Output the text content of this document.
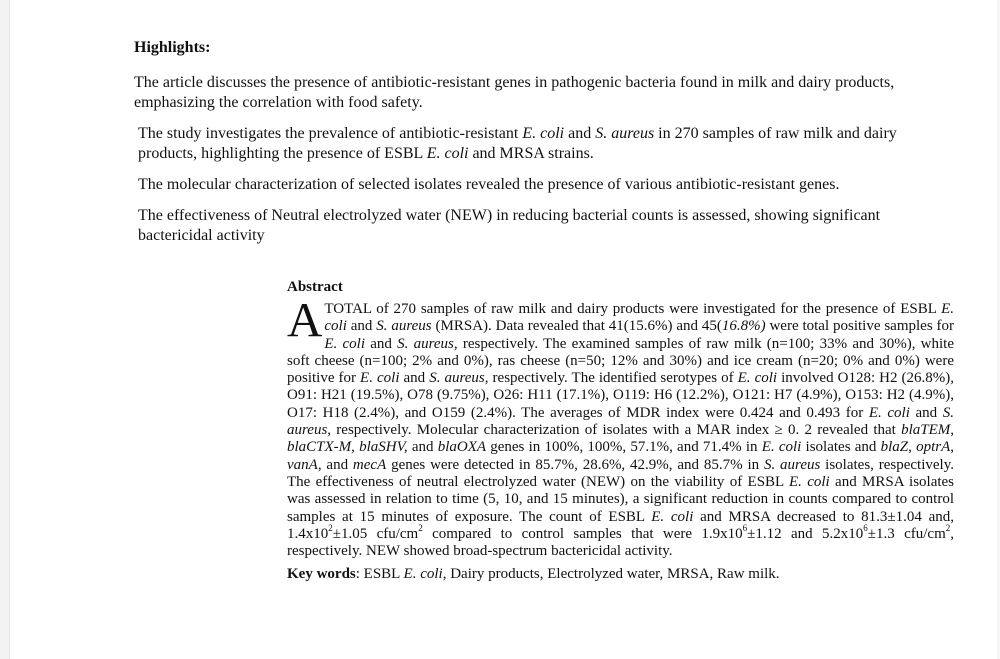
Highlights:

The article discusses the presence of antibiotic-resistant genes in pathogenic bacteria found in milk and dairy products, emphasizing the correlation with food safety.

The study investigates the prevalence of antibiotic-resistant E. coli and S. aureus in 270 samples of raw milk and dairy products, highlighting the presence of ESBL E. coli and MRSA strains.

The molecular characterization of selected isolates revealed the presence of various antibiotic-resistant genes.

The effectiveness of Neutral electrolyzed water (NEW) in reducing bacterial counts is assessed, showing significant bactericidal activity

Abstract

ATOTAL of 270 samples of raw milk and dairy products were investigated for the presence of ESBL E. coli and S. aureus (MRSA). Data revealed that 41(15.6%) and 45(16.8%) were total positive samples for E. coli and S. aureus, respectively. The examined samples of raw milk (n=100; 33% and 30%), white soft cheese (n=100; 2% and 0%), ras cheese (n=50; 12% and 30%) and ice cream (n=20; 0% and 0%) were positive for E. coli and S. aureus, respectively. The identified serotypes of E. coli involved O128: H2 (26.8%), O91: H21 (19.5%), O78 (9.75%), O26: H11 (17.1%), O119: H6 (12.2%), O121: H7 (4.9%), O153: H2 (4.9%), O17: H18 (2.4%), and O159 (2.4%). The averages of MDR index were 0.424 and 0.493 for E. coli and S. aureus, respectively. Molecular characterization of isolates with a MAR index ≥ 0. 2 revealed that blaTEM, blaCTX-M, blaSHV, and blaOXA genes in 100%, 100%, 57.1%, and 71.4% in E. coli isolates and blaZ, optrA, vanA, and mecA genes were detected in 85.7%, 28.6%, 42.9%, and 85.7% in S. aureus isolates, respectively. The effectiveness of neutral electrolyzed water (NEW) on the viability of ESBL E. coli and MRSA isolates was assessed in relation to time (5, 10, and 15 minutes), a significant reduction in counts compared to control samples at 15 minutes of exposure. The count of ESBL E. coli and MRSA decreased to 81.3±1.04 and, $1.4x10^2\pm 1.05$ cfu/$cm^2$ compared to control samples that were $1.9x10^6\pm 1.12$ and $5.2x10^6\pm 1.3$ cfu/$cm^2$, respectively. NEW showed broad-spectrum bactericidal activity.

Key words: ESBL E. coli, Dairy products, Electrolyzed water, MRSA, Raw milk.
